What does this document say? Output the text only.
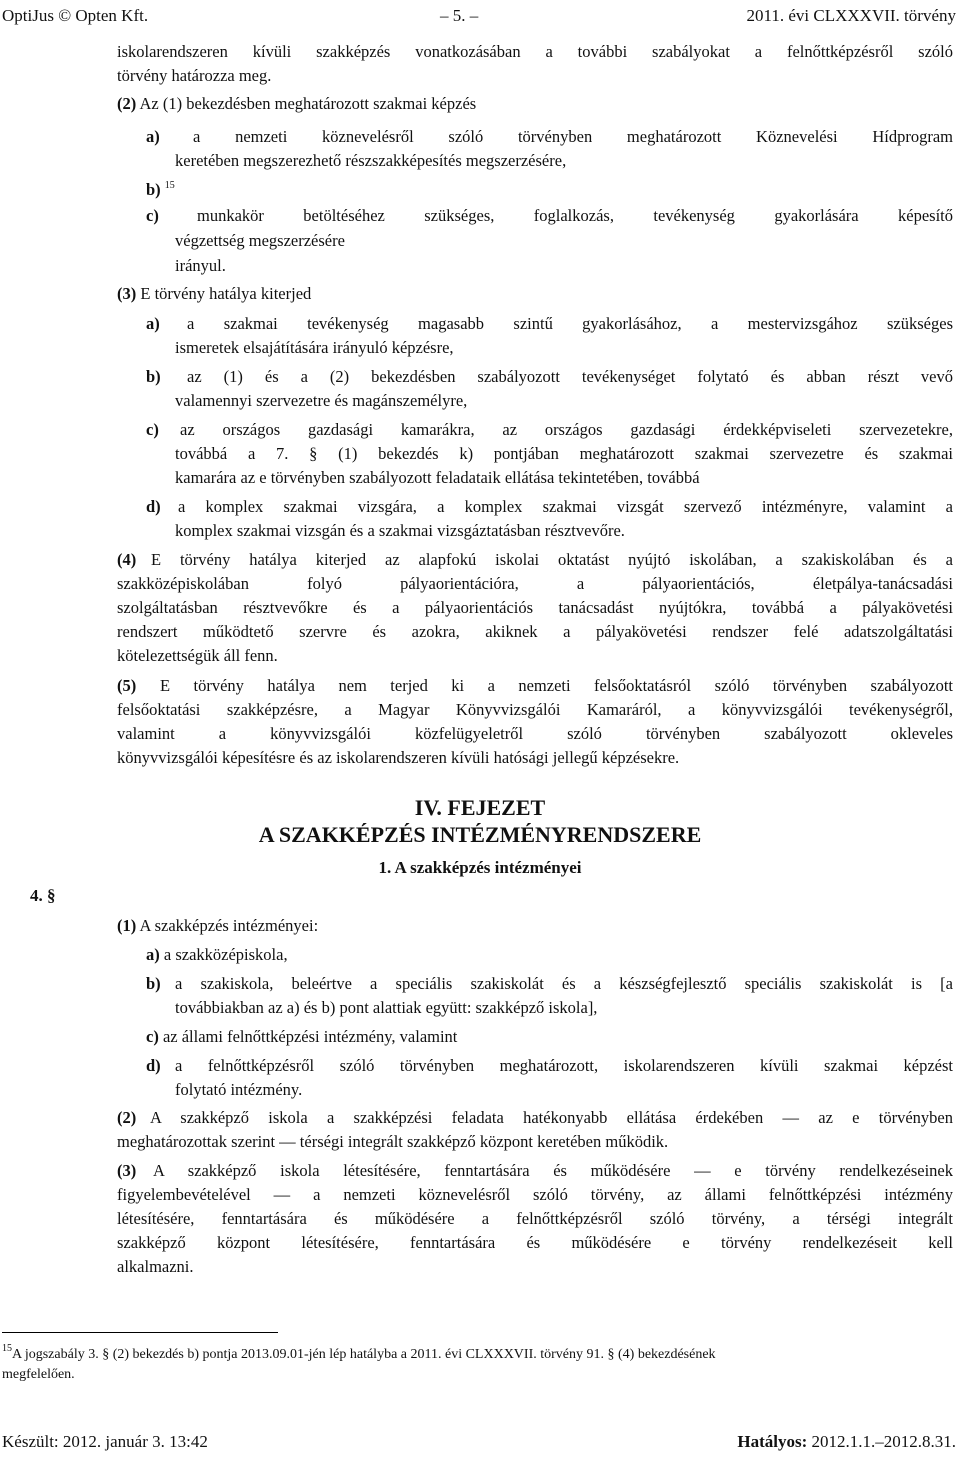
OptiJus © Opten Kft.	– 5. –	2011. évi CLXXXVII. törvény
iskolarendszeren kívüli szakképzés vonatkozásában a további szabályokat a felnőttképzésről szóló
törvény határozza meg.
(2) Az (1) bekezdésben meghatározott szakmai képzés
a) a nemzeti köznevelésről szóló törvényben meghatározott Köznevelési Hídprogram
keretében megszerezhető részszakképesítés megszerzésére,
b) $^{15}$
c) munkakör betöltéséhez szükséges, foglalkozás, tevékenység gyakorlására képesítő
végzettség megszerzésére
irányul.
(3) E törvény hatálya kiterjed
a) a szakmai tevékenység magasabb szintű gyakorlásához, a mestervizsgához szükséges
ismeretek elsajátítására irányuló képzésre,
b) az (1) és a (2) bekezdésben szabályozott tevékenységet folytató és abban részt vevő
valamennyi szervezetre és magánszemélyre,
c) az országos gazdasági kamarákra, az országos gazdasági érdekképviseleti szervezetekre,
továbbá a 7. § (1) bekezdés k) pontjában meghatározott szakmai szervezetre és szakmai
kamarára az e törvényben szabályozott feladataik ellátása tekintetében, továbbá
d) a komplex szakmai vizsgára, a komplex szakmai vizsgát szervező intézményre, valamint a
komplex szakmai vizsgán és a szakmai vizsgáztatásban résztvevőre.
(4) E törvény hatálya kiterjed az alapfokú iskolai oktatást nyújtó iskolában, a szakiskolában és a
szakközépiskolában folyó pályaorientációra, a pályaorientációs, életpálya-tanácsadási
szolgáltatásban résztvevőkre és a pályaorientációs tanácsadást nyújtókra, továbbá a pályakövetési
rendszert működtető szervre és azokra, akiknek a pályakövetési rendszer felé adatszolgáltatási
kötelezettségük áll fenn.
(5) E törvény hatálya nem terjed ki a nemzeti felsőoktatásról szóló törvényben szabályozott
felsőoktatási szakképzésre, a Magyar Könyvvizsgálói Kamaráról, a könyvvizsgálói tevékenységről,
valamint a könyvvizsgálói közfelügyeletről szóló törvényben szabályozott okleveles
könyvvizsgálói képesítésre és az iskolarendszeren kívüli hatósági jellegű képzésekre.
IV. FEJEZET
A SZAKKÉPZÉS INTÉZMÉNYRENDSZERE
1. A szakképzés intézményei
4. §
(1) A szakképzés intézményei:
a) a szakközépiskola,
b) a szakiskola, beleértve a speciális szakiskolát és a készségfejlesztő speciális szakiskolát is [a
továbbiakban az a) és b) pont alattiak együtt: szakképző iskola],
c) az állami felnőttképzési intézmény, valamint
d) a felnőttképzésről szóló törvényben meghatározott, iskolarendszeren kívüli szakmai képzést
folytató intézmény.
(2) A szakképző iskola a szakképzési feladata hatékonyabb ellátása érdekében — az e törvényben
meghatározottak szerint — térségi integrált szakképző központ keretében működik.
(3) A szakképző iskola létesítésére, fenntartására és működésére — e törvény rendelkezéseinek
figyelembevételével — a nemzeti köznevelésről szóló törvény, az állami felnőttképzési intézmény
létesítésére, fenntartására és működésére a felnőttképzésről szóló törvény, a térségi integrált
szakképző központ létesítésére, fenntartására és működésére e törvény rendelkezéseit kell
alkalmazni.
$^{15}$A jogszabály 3. § (2) bekezdés b) pontja 2013.09.01-jén lép hatályba a 2011. évi CLXXXVII. törvény 91. § (4) bekezdésének
megfelelően.
Készült: 2012. január 3. 13:42	Hatályos: 2012.1.1.–2012.8.31.
